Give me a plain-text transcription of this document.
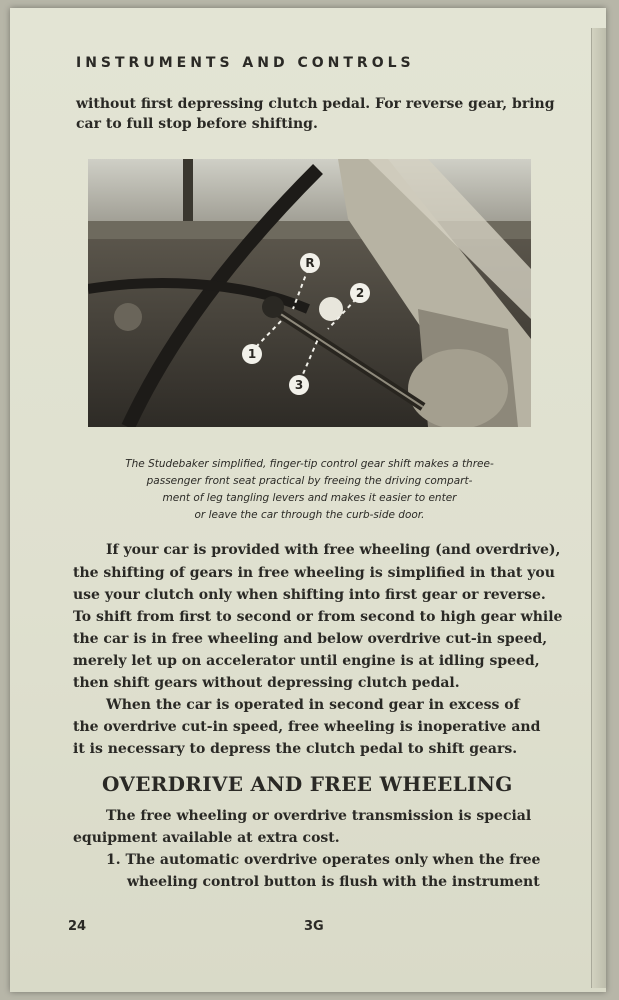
INSTRUMENTS AND CONTROLS
without first depressing clutch pedal. For reverse gear, bring
car to full stop before shifting.
R
2
1
3
The Studebaker simplified, finger-tip control gear shift makes a three-
passenger front seat practical by freeing the driving compart-
ment of leg tangling levers and makes it easier to enter
or leave the car through the curb-side door.
If your car is provided with free wheeling (and overdrive),
the shifting of gears in free wheeling is simplified in that you
use your clutch only when shifting into first gear or reverse.
To shift from first to second or from second to high gear while
the car is in free wheeling and below overdrive cut-in speed,
merely let up on accelerator until engine is at idling speed,
then shift gears without depressing clutch pedal.
When the car is operated in second gear in excess of
the overdrive cut-in speed, free wheeling is inoperative and
it is necessary to depress the clutch pedal to shift gears.
OVERDRIVE AND FREE WHEELING
The free wheeling or overdrive transmission is special
equipment available at extra cost.
1. The automatic overdrive operates only when the free
wheeling control button is flush with the instrument
24	3G
